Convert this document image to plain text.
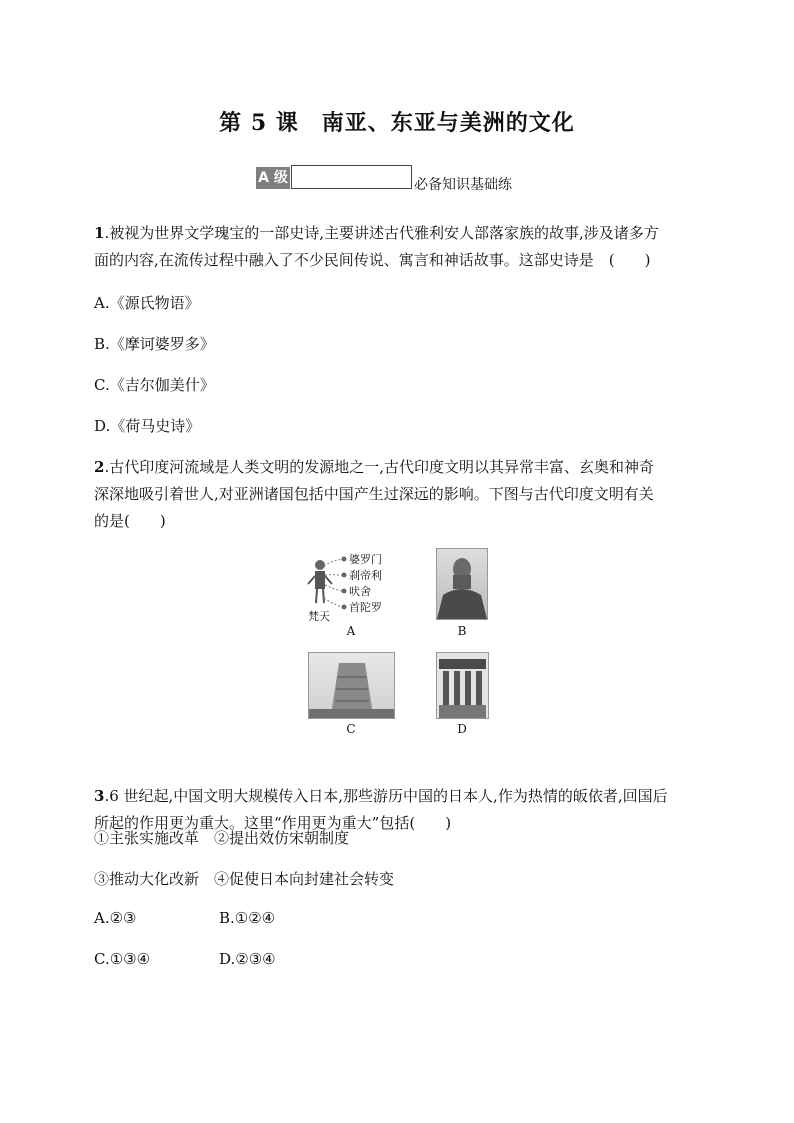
第 5 课　南亚、东亚与美洲的文化
A 级	必备知识基础练
1.被视为世界文学瑰宝的一部史诗,主要讲述古代雅利安人部落家族的故事,涉及诸多方
面的内容,在流传过程中融入了不少民间传说、寓言和神话故事。这部史诗是　(　　)
A.《源氏物语》
B.《摩诃婆罗多》
C.《吉尔伽美什》
D.《荷马史诗》
2.古代印度河流域是人类文明的发源地之一,古代印度文明以其异常丰富、玄奥和神奇
深深地吸引着世人,对亚洲诸国包括中国产生过深远的影响。下图与古代印度文明有关
的是(　　)
婆罗门
刹帝利
吠舍
首陀罗
梵天
A	B
C	D
3.6 世纪起,中国文明大规模传入日本,那些游历中国的日本人,作为热情的皈依者,回国后
所起的作用更为重大。这里“作用更为重大”包括(　　)
①主张实施改革　②提出效仿宋朝制度
③推动大化改新　④促使日本向封建社会转变
A.②③	B.①②④
C.①③④	D.②③④
